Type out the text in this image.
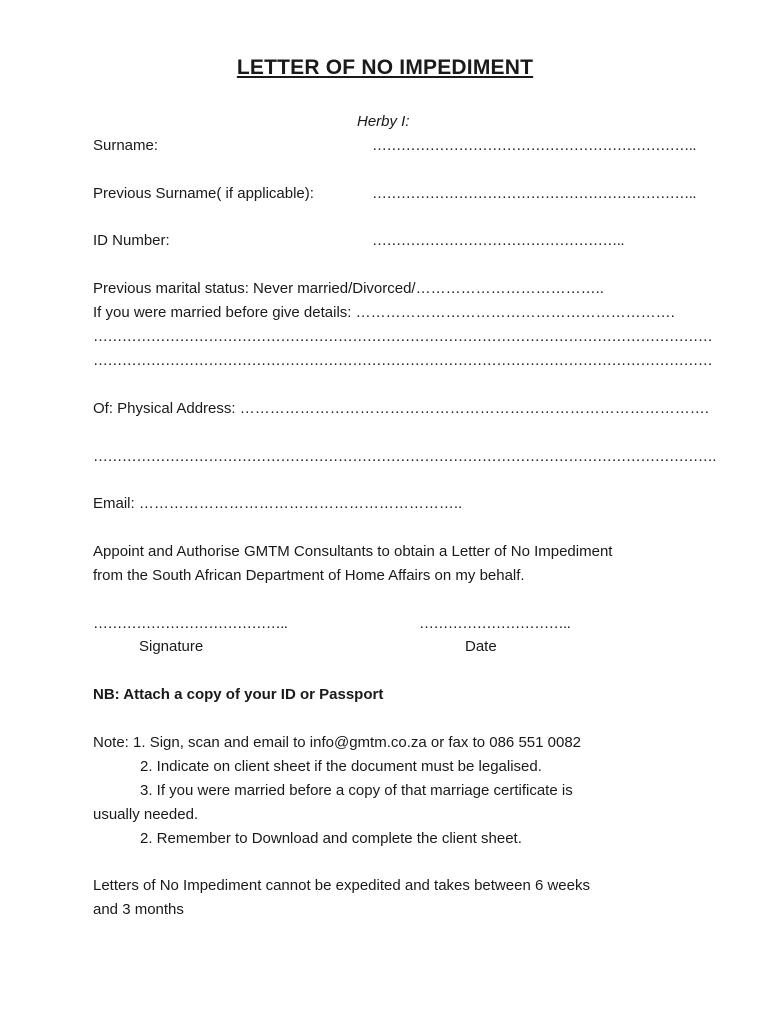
LETTER OF NO IMPEDIMENT
Herby I:
Surname:	…………………………………………………………..
Previous Surname( if applicable):	…………………………………………………………..
ID Number:	……………………………………………..
Previous marital status: Never married/Divorced/………………………………..
If you were married before give details: ……………………………………………………….
…………………………………………………………………………………………………………………
…………………………………………………………………………………………………………………
Of: Physical Address: ………………………………………………………………………………….
………………………………………………………………………………………………………………….
Email: ………………………………………………………..
Appoint and Authorise GMTM Consultants to obtain a Letter of No Impediment
from the South African Department of Home Affairs on my behalf.
…………………………………..	…………………………..
Signature	Date
NB: Attach a copy of your ID or Passport
Note: 1. Sign, scan and email to info@gmtm.co.za or fax to 086 551 0082
2. Indicate on client sheet if the document must be legalised.
3. If you were married before a copy of that marriage certificate is
usually needed.
2. Remember to Download and complete the client sheet.
Letters of No Impediment cannot be expedited and takes between 6 weeks
and 3 months
